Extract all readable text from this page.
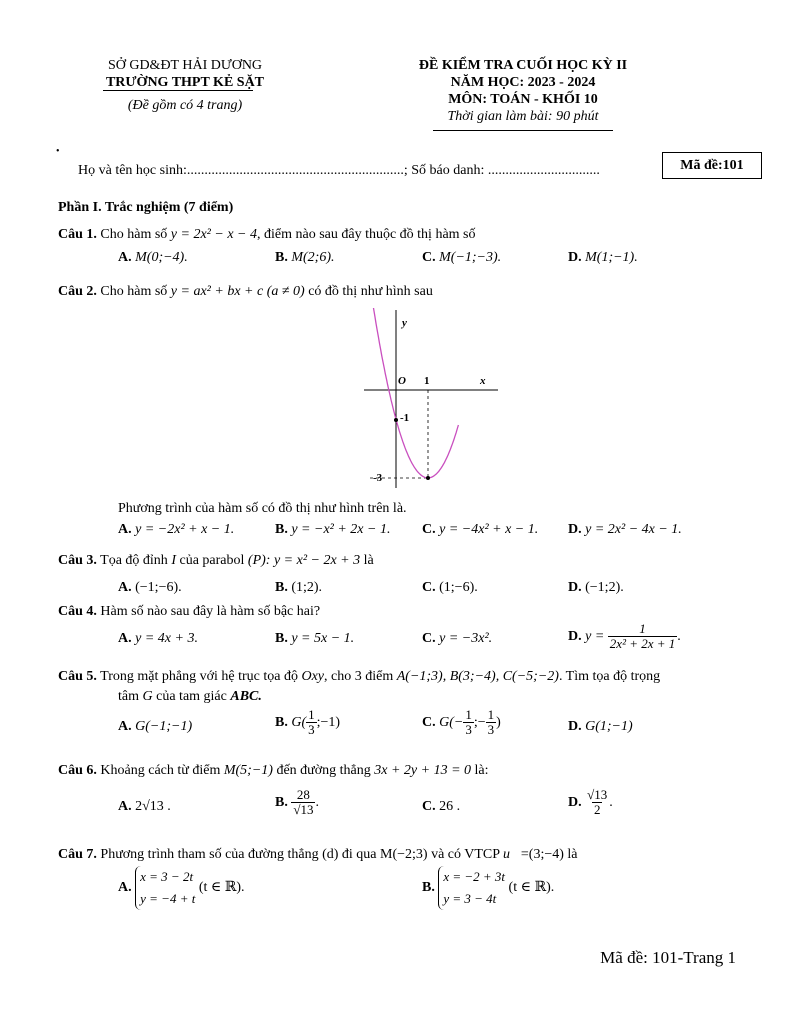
SỞ GD&ĐT HẢI DƯƠNG
TRƯỜNG THPT KẺ SẶT
(Đề gồm có 4 trang)
ĐỀ KIỂM TRA CUỐI HỌC KỲ II
NĂM HỌC: 2023 - 2024
MÔN: TOÁN - KHỐI 10
Thời gian làm bài: 90 phút
•
Họ và tên học sinh:..............................................................; Số báo danh: ................................	Mã đề:101
Phần I. Trắc nghiệm (7 điểm)
Câu 1. Cho hàm số y = 2x² − x − 4, điểm nào sau đây thuộc đồ thị hàm số
A. M(0;−4).	B. M(2;6).	C. M(−1;−3).	D. M(1;−1).
Câu 2. Cho hàm số y = ax² + bx + c (a ≠ 0) có đồ thị như hình sau
y
x
O 1
-1
-3
Phương trình của hàm số có đồ thị như hình trên là.
A. y = −2x² + x − 1.	B. y = −x² + 2x − 1. C. y = −4x² + x − 1. D. y = 2x² − 4x − 1.
Câu 3. Tọa độ đỉnh I của parabol (P): y = x² − 2x + 3 là
A. (−1;−6).	B. (1;2).	C. (1;−6).	D. (−1;2).
Câu 4. Hàm số nào sau đây là hàm số bậc hai?
A. y = 4x + 3.	B. y = 5x − 1.	C. y = −3x².	D. $y = \frac{1}{\text{2x² + 2x + 1}}$ .
Câu 5. Trong mặt phẳng với hệ trục tọa độ Oxy, cho 3 điểm A(−1;3), B(3;−4), C(−5;−2). Tìm tọa độ trọng
tâm G của tam giác ABC.
A. G(−1;−1)	B. $G( \frac{1}{3}$ ;−1)	C. $G(- \frac{1}{3}$ ;− $\frac{1}{3}$ )	D. G(1;−1)
Câu 6. Khoảng cách từ điểm M(5;−1) đến đường thẳng 3x + 2y + 13 = 0 là:
A. 2√13 .	B. $\frac{28}{√13}$ .	C. 26 .	D. $\frac{√13}{2}$ .
Câu 7. Phương trình tham số của đường thẳng (d) đi qua M(−2;3) và có VTCP u⃗=(3;−4) là
A.
x = 3 − 2t
y = −4 + t
(t ∈ ℝ).	B.
x = −2 + 3t
y = 3 − 4t
(t ∈ ℝ).
Mã đề: 101-Trang 1
